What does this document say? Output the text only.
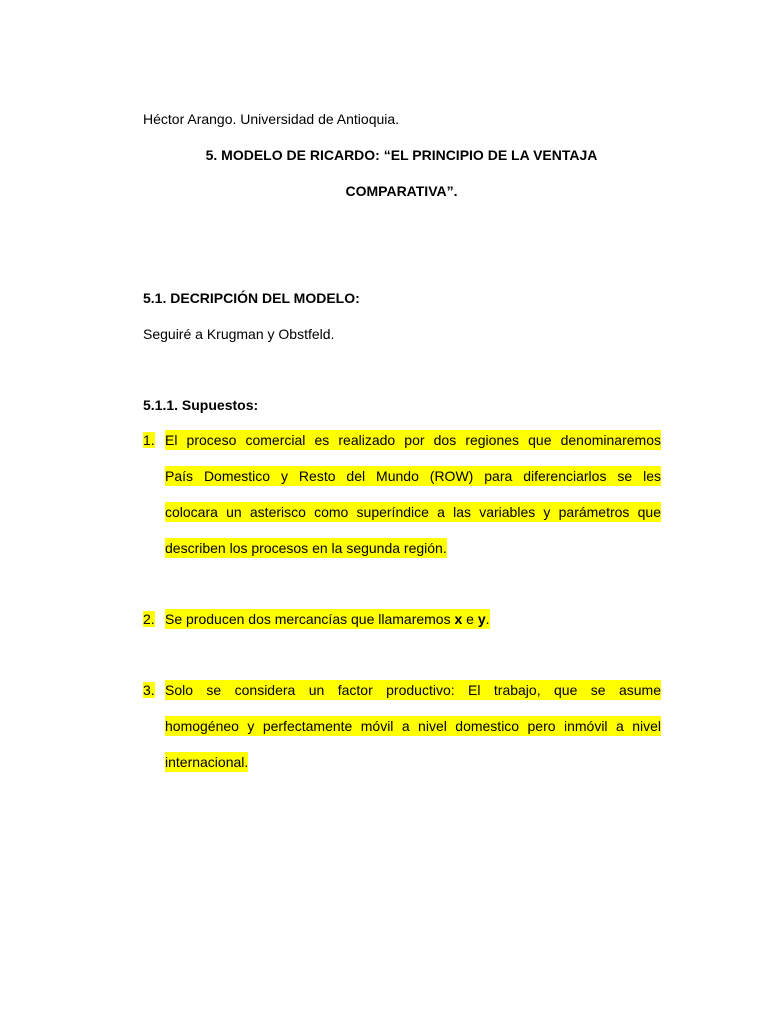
Héctor Arango. Universidad de Antioquia.
5. MODELO DE RICARDO: “EL PRINCIPIO DE LA VENTAJA
COMPARATIVA”.
5.1. DECRIPCIÓN DEL MODELO:
Seguiré a Krugman y Obstfeld.
5.1.1. Supuestos:
1. El proceso comercial es realizado por dos regiones que denominaremos
País Domestico y Resto del Mundo (ROW) para diferenciarlos se les
colocara un asterisco como superíndice a las variables y parámetros que
describen los procesos en la segunda región.
2. Se producen dos mercancías que llamaremos x e y.
3. Solo se considera un factor productivo: El trabajo, que se asume
homogéneo y perfectamente móvil a nivel domestico pero inmóvil a nivel
internacional.
